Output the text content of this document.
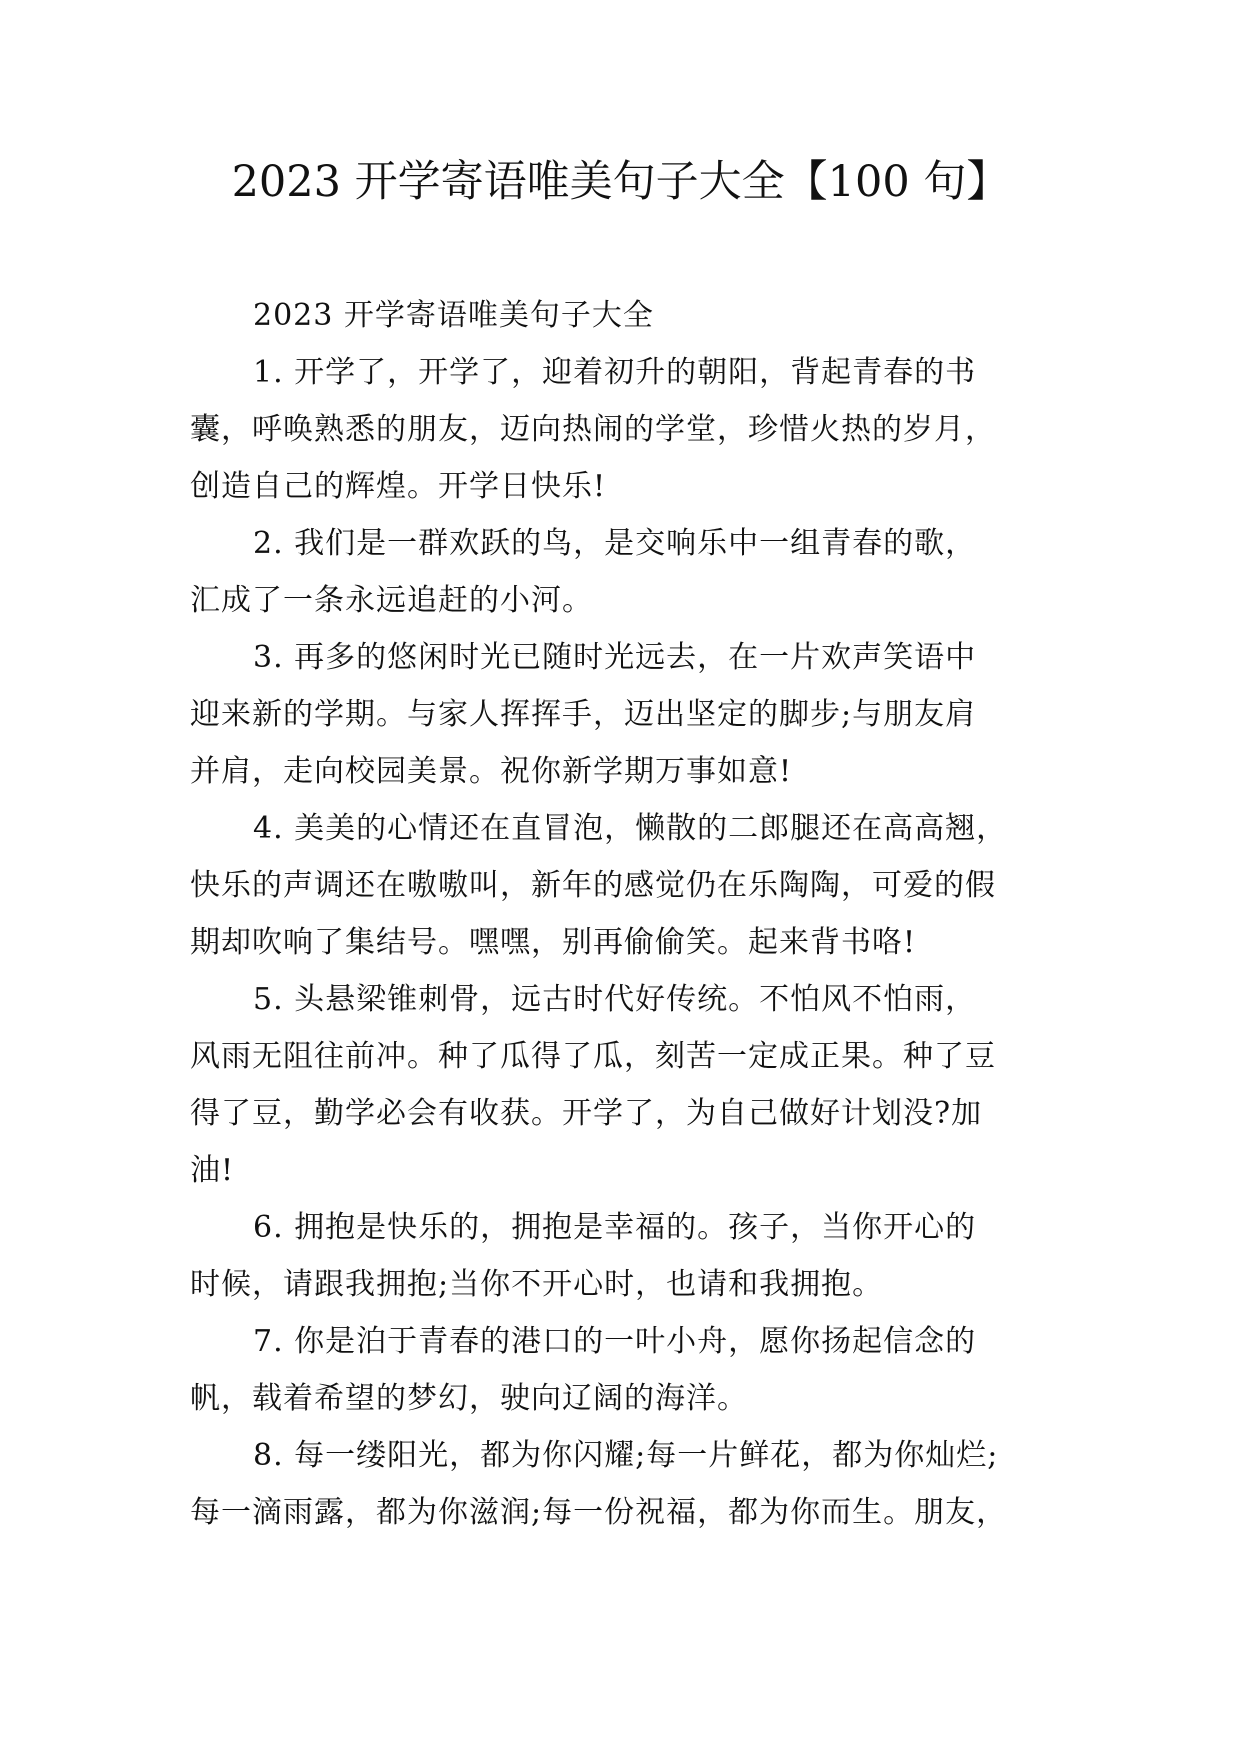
2023 开学寄语唯美句子大全【100 句】
2023 开学寄语唯美句子大全
1. 开学了，开学了，迎着初升的朝阳，背起青春的书
囊，呼唤熟悉的朋友，迈向热闹的学堂，珍惜火热的岁月，
创造自己的辉煌。开学日快乐!
2. 我们是一群欢跃的鸟，是交响乐中一组青春的歌，
汇成了一条永远追赶的小河。
3. 再多的悠闲时光已随时光远去，在一片欢声笑语中
迎来新的学期。与家人挥挥手，迈出坚定的脚步;与朋友肩
并肩，走向校园美景。祝你新学期万事如意!
4. 美美的心情还在直冒泡，懒散的二郎腿还在高高翘，
快乐的声调还在嗷嗷叫，新年的感觉仍在乐陶陶，可爱的假
期却吹响了集结号。嘿嘿，别再偷偷笑。起来背书咯!
5. 头悬梁锥刺骨，远古时代好传统。不怕风不怕雨，
风雨无阻往前冲。种了瓜得了瓜，刻苦一定成正果。种了豆
得了豆，勤学必会有收获。开学了，为自己做好计划没?加
油!
6. 拥抱是快乐的，拥抱是幸福的。孩子，当你开心的
时候，请跟我拥抱;当你不开心时，也请和我拥抱。
7. 你是泊于青春的港口的一叶小舟，愿你扬起信念的
帆，载着希望的梦幻，驶向辽阔的海洋。
8. 每一缕阳光，都为你闪耀;每一片鲜花，都为你灿烂;
每一滴雨露，都为你滋润;每一份祝福，都为你而生。朋友，
